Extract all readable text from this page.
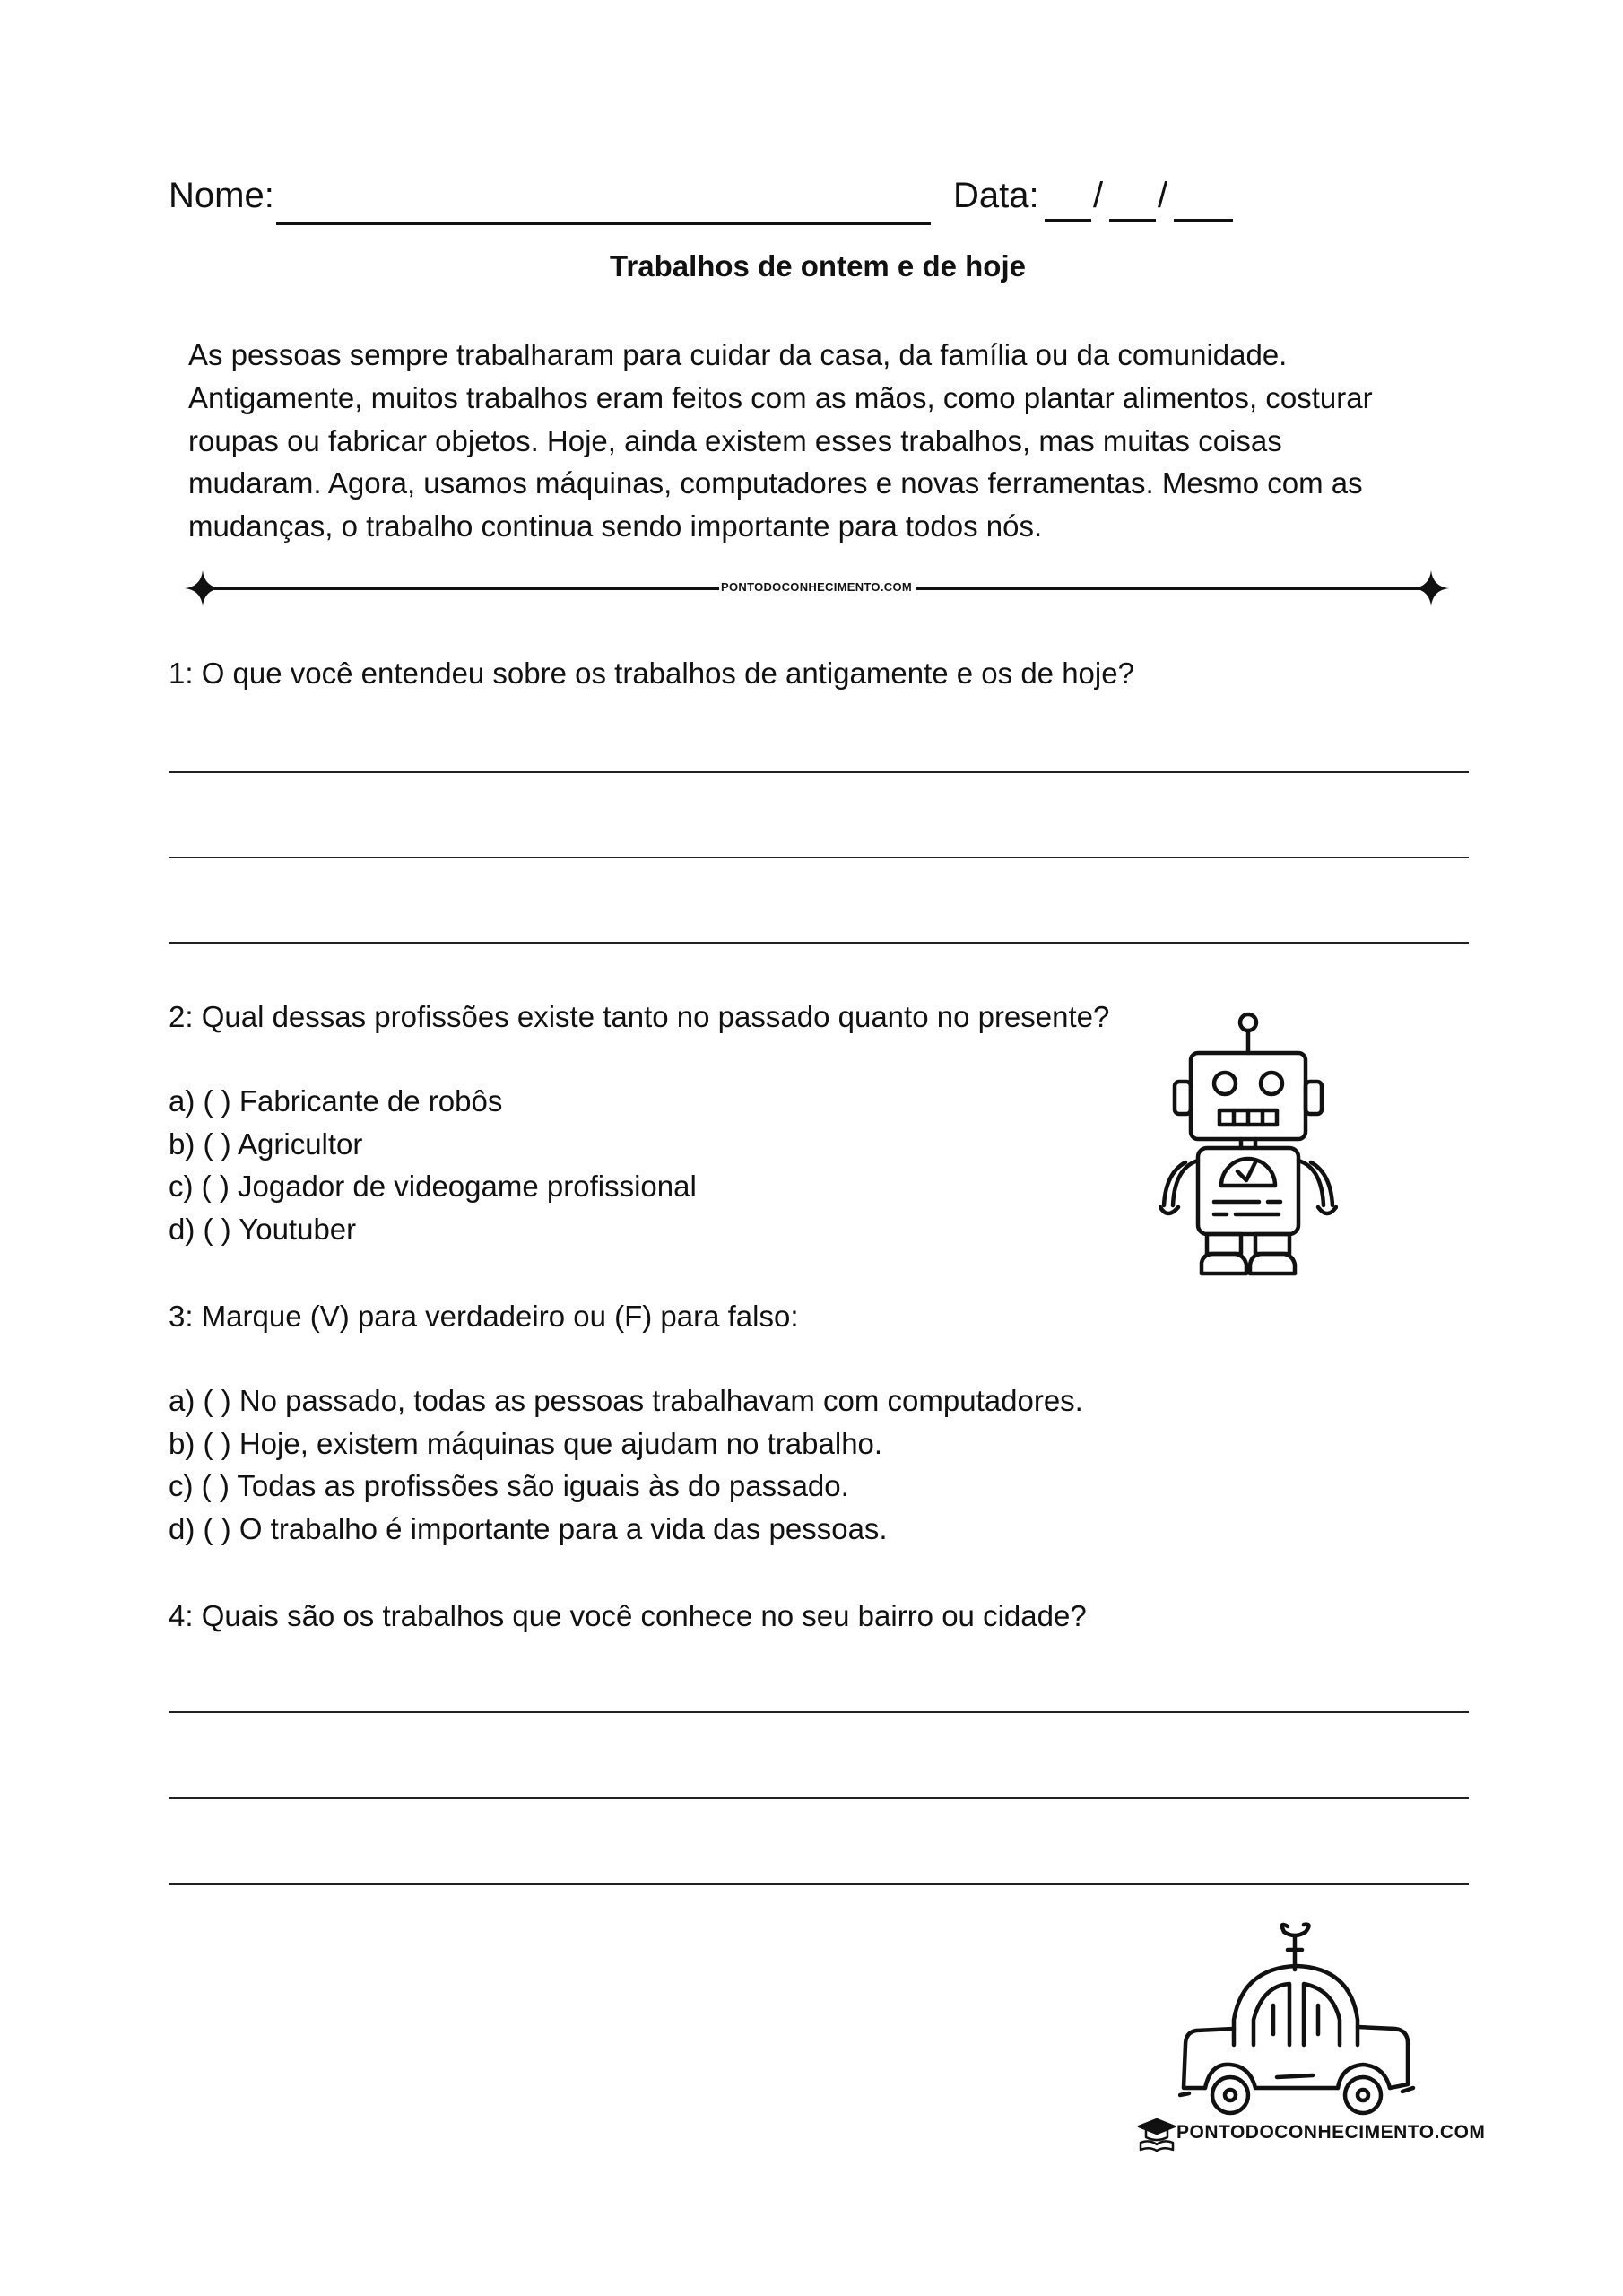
Nome:	Data: / /
Trabalhos de ontem e de hoje
As pessoas sempre trabalharam para cuidar da casa, da família ou da comunidade.
Antigamente, muitos trabalhos eram feitos com as mãos, como plantar alimentos, costurar
roupas ou fabricar objetos. Hoje, ainda existem esses trabalhos, mas muitas coisas
mudaram. Agora, usamos máquinas, computadores e novas ferramentas. Mesmo com as
mudanças, o trabalho continua sendo importante para todos nós.
PONTODOCONHECIMENTO.COM
1: O que você entendeu sobre os trabalhos de antigamente e os de hoje?
2: Qual dessas profissões existe tanto no passado quanto no presente?
a) ( ) Fabricante de robôs
b) ( ) Agricultor
c) ( ) Jogador de videogame profissional
d) ( ) Youtuber
3: Marque (V) para verdadeiro ou (F) para falso:
a) ( ) No passado, todas as pessoas trabalhavam com computadores.
b) ( ) Hoje, existem máquinas que ajudam no trabalho.
c) ( ) Todas as profissões são iguais às do passado.
d) ( ) O trabalho é importante para a vida das pessoas.
4: Quais são os trabalhos que você conhece no seu bairro ou cidade?
PONTODOCONHECIMENTO.COM
